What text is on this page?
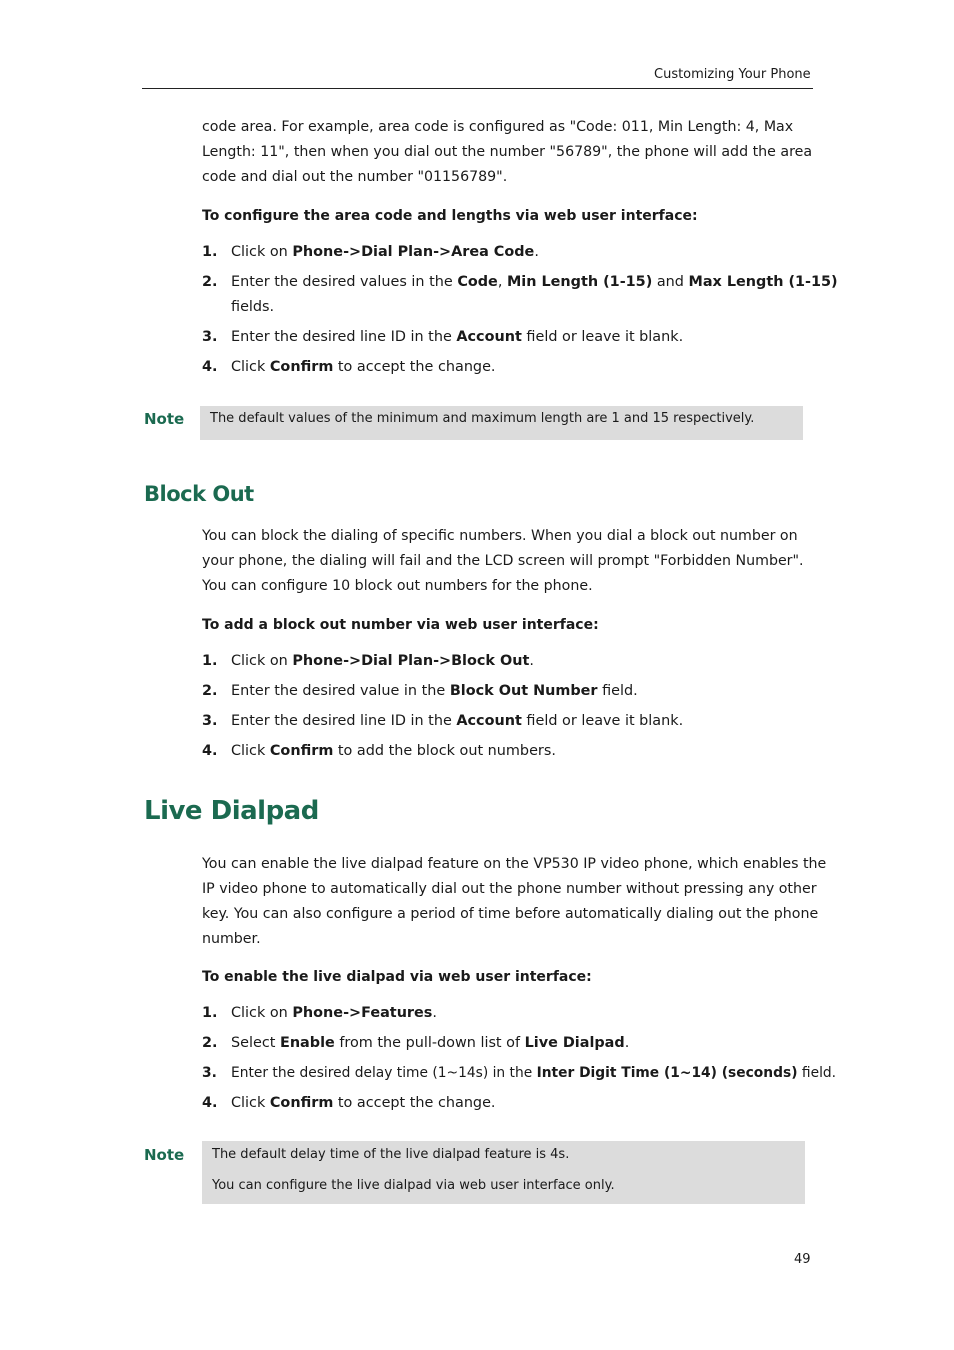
Customizing Your Phone

code area. For example, area code is configured as "Code: 011, Min Length: 4, Max

Length: 11", then when you dial out the number "56789", the phone will add the area

code and dial out the number "01156789".

To configure the area code and lengths via web user interface:
1. Click on Phone->Dial Plan->Area Code.
2. Enter the desired values in the Code, Min Length (1-15) and Max Length (1-15)
fields.
3. Enter the desired line ID in the Account field or leave it blank.
4. Click Confirm to accept the change.
Note The default values of the minimum and maximum length are 1 and 15 respectively.
Block Out

You can block the dialing of specific numbers. When you dial a block out number on

your phone, the dialing will fail and the LCD screen will prompt "Forbidden Number".

You can configure 10 block out numbers for the phone.

To add a block out number via web user interface:
1. Click on Phone->Dial Plan->Block Out.
2. Enter the desired value in the Block Out Number field.
3. Enter the desired line ID in the Account field or leave it blank.
4. Click Confirm to add the block out numbers.
Live Dialpad

You can enable the live dialpad feature on the VP530 IP video phone, which enables the

IP video phone to automatically dial out the phone number without pressing any other

key. You can also configure a period of time before automatically dialing out the phone

number.

To enable the live dialpad via web user interface:
1. Click on Phone->Features.
2. Select Enable from the pull-down list of Live Dialpad.
3. Enter the desired delay time (1~14s) in the Inter Digit Time (1~14) (seconds) field.
4. Click Confirm to accept the change.
Note The default delay time of the live dialpad feature is 4s.
You can configure the live dialpad via web user interface only.
49
